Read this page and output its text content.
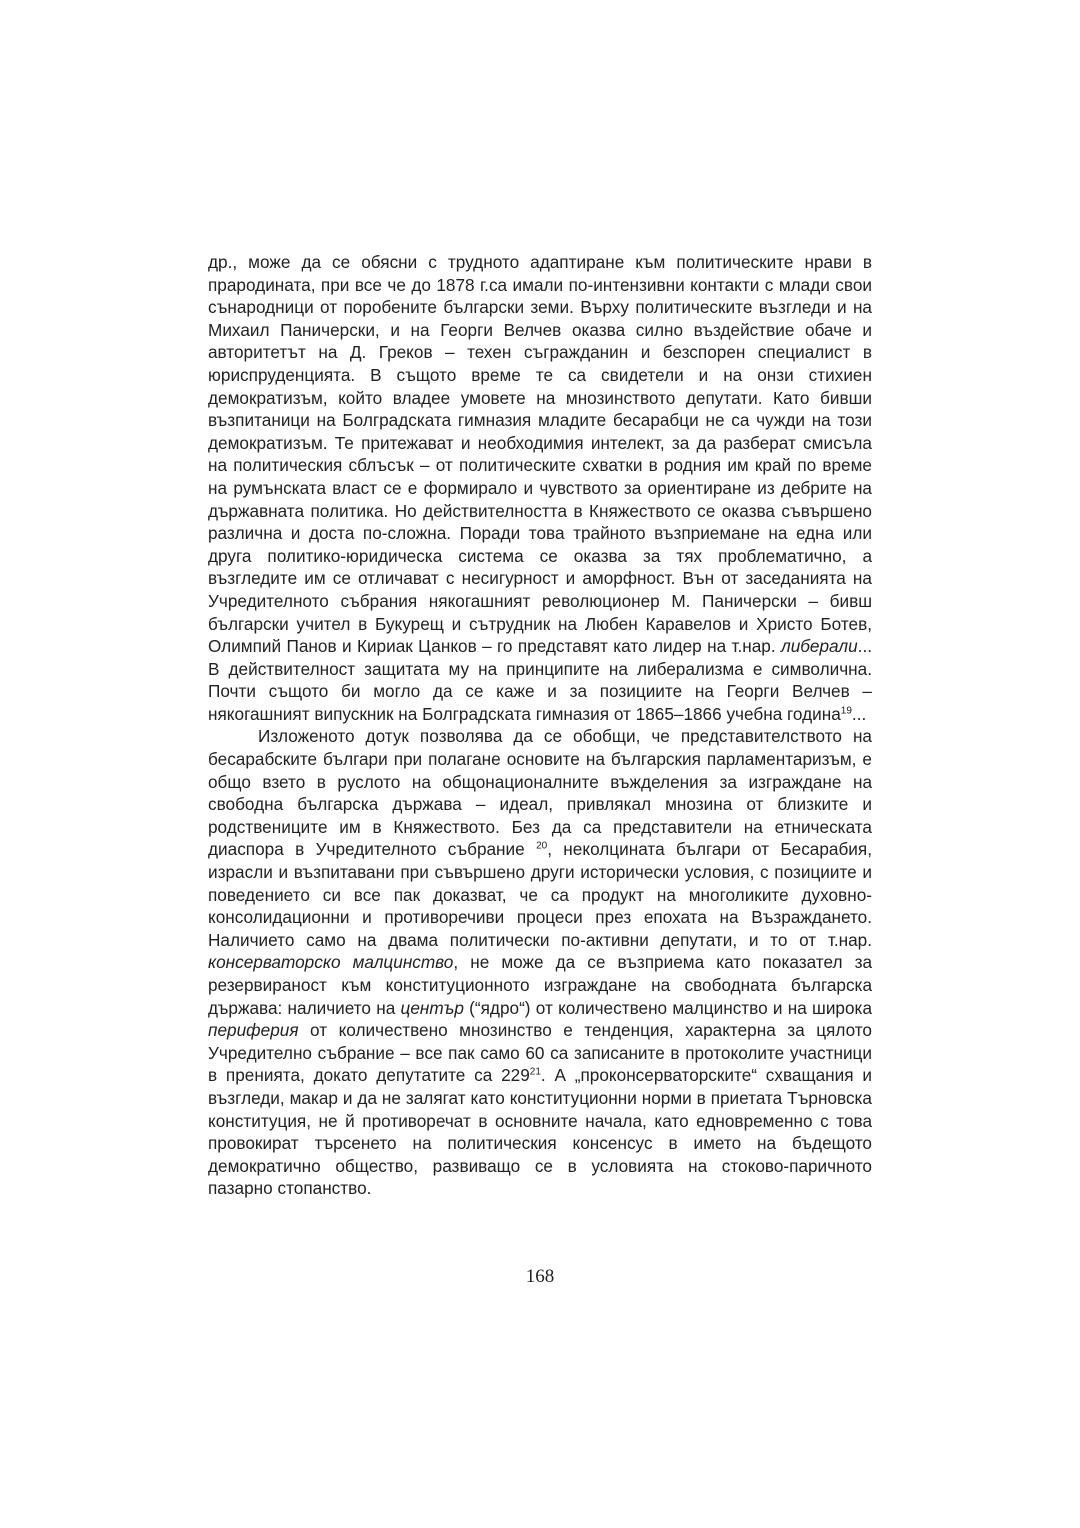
др., може да се обясни с трудното адаптиране към политическите нрави в прародината, при все че до 1878 г.са имали по-интензивни контакти с млади свои сънародници от поробените български земи. Върху политическите възгледи и на Михаил Паничерски, и на Георги Велчев оказва силно въздействие обаче и авторитетът на Д. Греков – техен съгражданин и безспорен специалист в юриспруденцията. В същото време те са свидетели и на онзи стихиен демократизъм, който владее умовете на мнозинството депутати. Като бивши възпитаници на Болградската гимназия младите бесарабци не са чужди на този демократизъм. Те притежават и необходимия интелект, за да разберат смисъла на политическия сблъсък – от политическите схватки в родния им край по време на румънската власт се е формирало и чувството за ориентиране из дебрите на държавната политика. Но действителността в Княжеството се оказва съвършено различна и доста по-сложна. Поради това трайното възприемане на една или друга политико-юридическа система се оказва за тях проблематично, а възгледите им се отличават с несигурност и аморфност. Вън от заседанията на Учредителното събрания някогашният революционер М. Паничерски – бивш български учител в Букурещ и сътрудник на Любен Каравелов и Христо Ботев, Олимпий Панов и Кириак Цанков – го представят като лидер на т.нар. либерали... В действителност защитата му на принципите на либерализма е символична. Почти същото би могло да се каже и за позициите на Георги Велчев – някогашният випускник на Болградската гимназия от 1865–1866 учебна година$^{19}$...

Изложеното дотук позволява да се обобщи, че представителството на бесарабските българи при полагане основите на българския парламентаризъм, е общо взето в руслото на общонационалните въжделения за изграждане на свободна българска държава – идеал, привлякал мнозина от близките и родствениците им в Княжеството. Без да са представители на етническата диаспора в Учредителното събрание $^{20}$, неколцината българи от Бесарабия, израсли и възпитавани при съвършено други исторически условия, с позициите и поведението си все пак доказват, че са продукт на многоликите духовно-консолидационни и противоречиви процеси през епохата на Възраждането. Наличието само на двама политически по-активни депутати, и то от т.нар. консерваторско малцинство, не може да се възприема като показател за резервираност към конституционното изграждане на свободната българска държава: наличието на център (“ядро“) от количествено малцинство и на широка периферия от количествено мнозинство е тенденция, характерна за цялото Учредително събрание – все пак само 60 са записаните в протоколите участници в пренията, докато депутатите са $229^{21}$. А „проконсерваторските“ схващания и възгледи, макар и да не залягат като конституционни норми в приетата Търновска конституция, не й противоречат в основните начала, като едновременно с това провокират търсенето на политическия консенсус в името на бъдещото демократично общество, развиващо се в условията на стоково-паричното пазарно стопанство.

168
